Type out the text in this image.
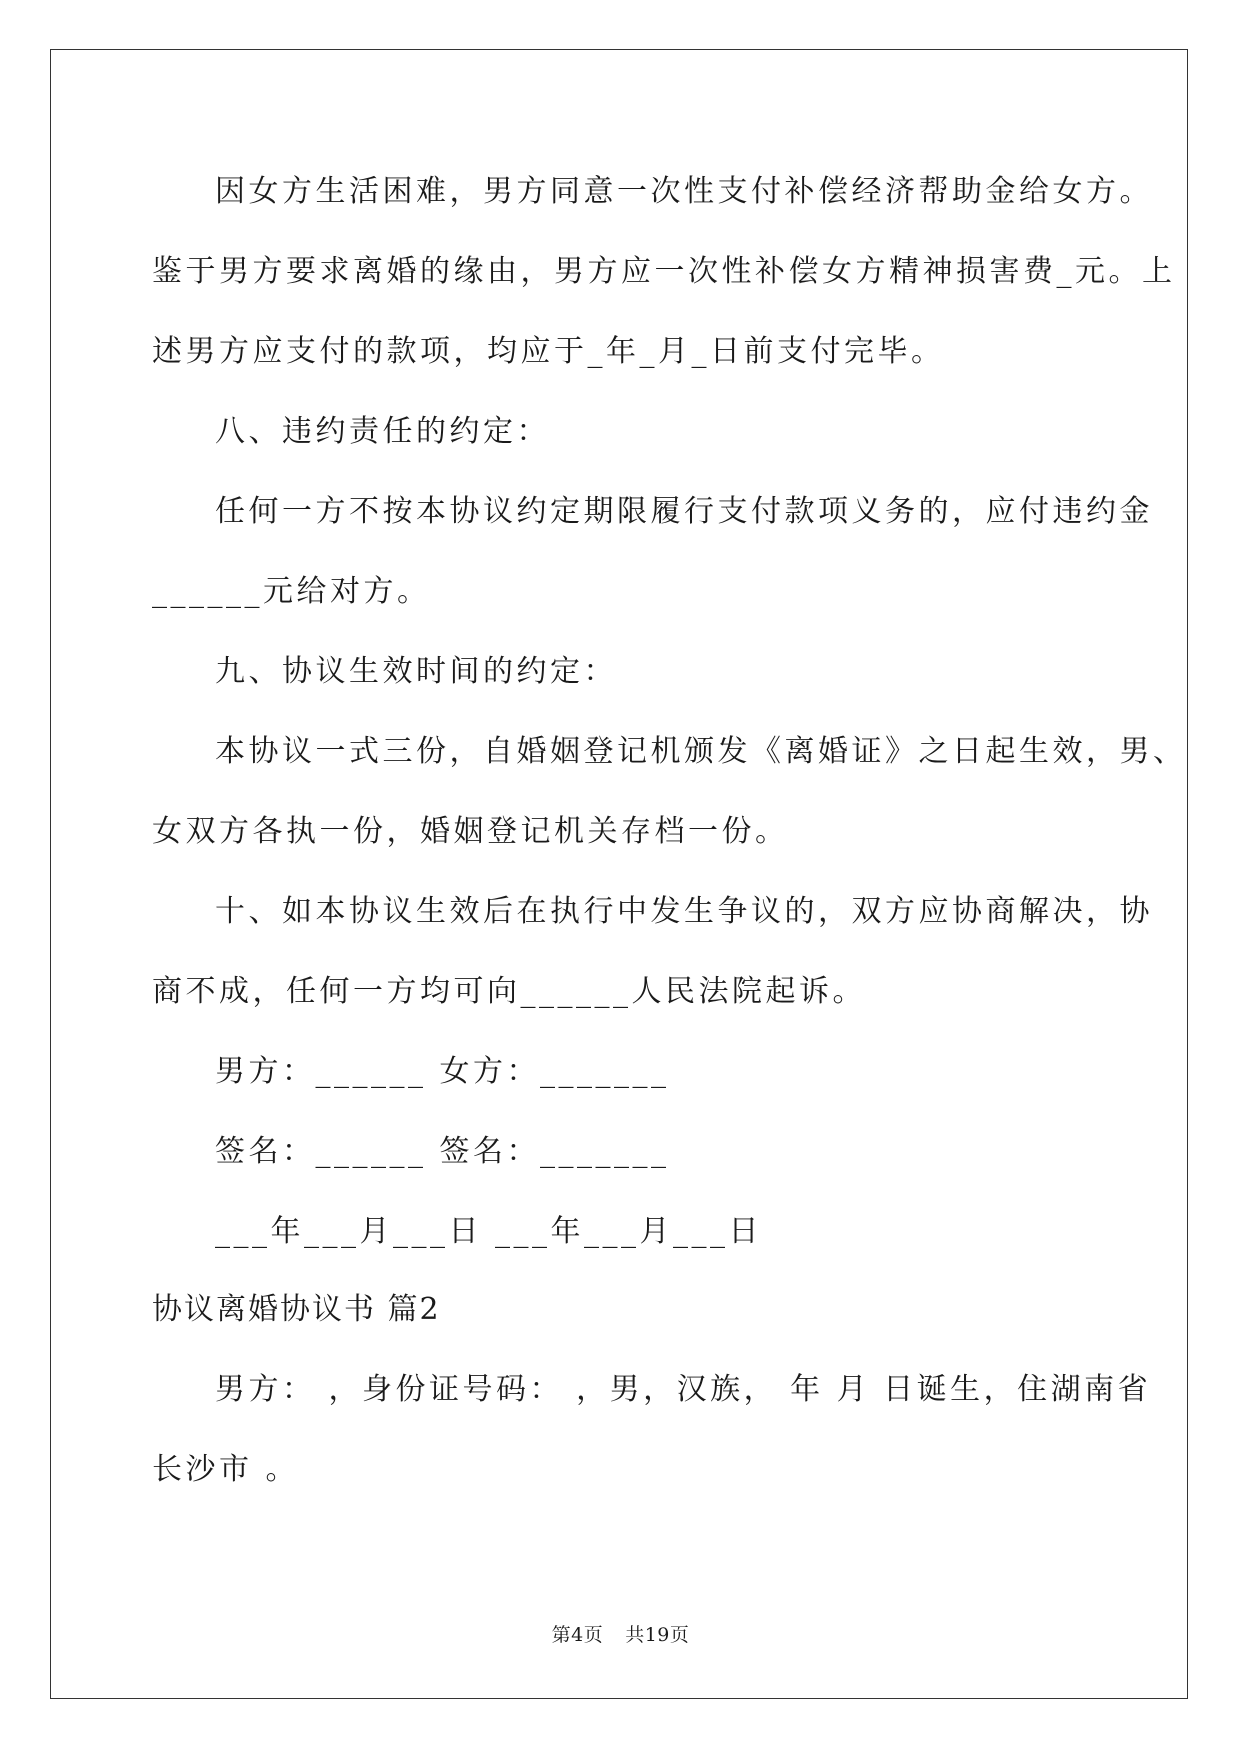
因女方生活困难，男方同意一次性支付补偿经济帮助金给女方。
鉴于男方要求离婚的缘由，男方应一次性补偿女方精神损害费_元。上
述男方应支付的款项，均应于_年_月_日前支付完毕。
八、违约责任的约定：
任何一方不按本协议约定期限履行支付款项义务的，应付违约金
______元给对方。
九、协议生效时间的约定：
本协议一式三份，自婚姻登记机颁发《离婚证》之日起生效，男、
女双方各执一份，婚姻登记机关存档一份。
十、如本协议生效后在执行中发生争议的，双方应协商解决，协
商不成，任何一方均可向______人民法院起诉。
男方：______ 女方：_______
签名：______ 签名：_______
___年___月___日 ___年___月___日
协议离婚协议书 篇2
男方： ，身份证号码： ，男，汉族， 年 月 日诞生，住湖南省
长沙市 。
第4页 共19页
